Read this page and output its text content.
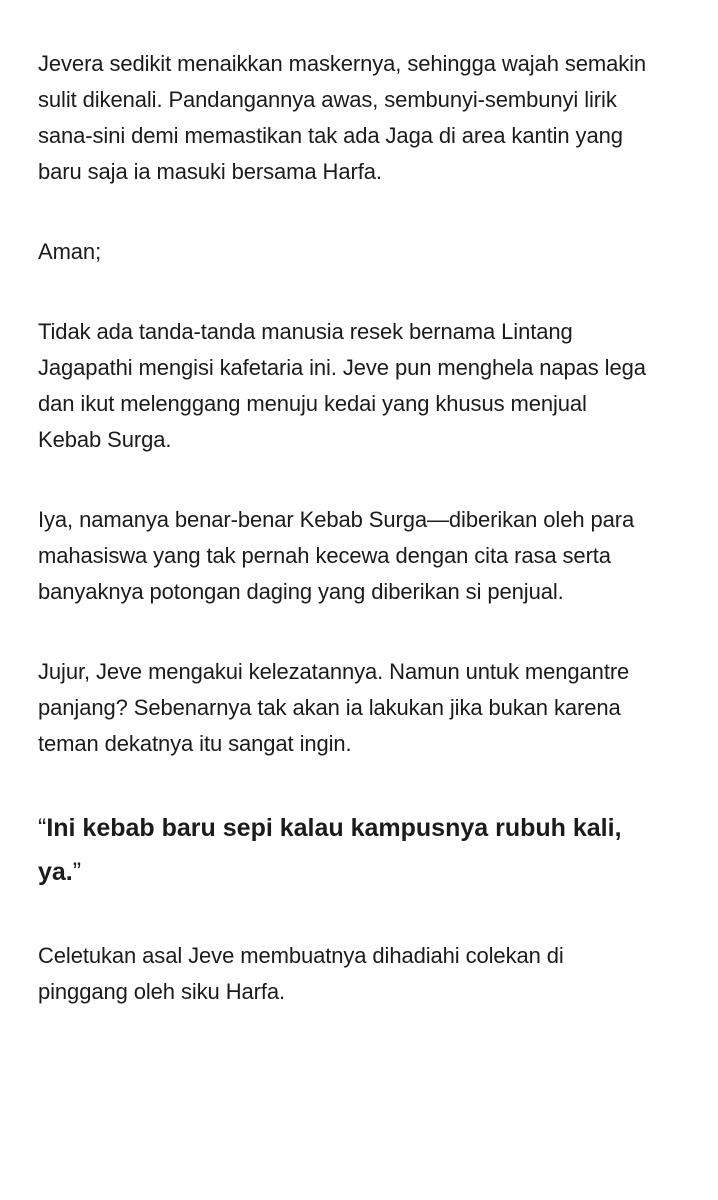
Jevera sedikit menaikkan maskernya, sehingga wajah semakin
sulit dikenali. Pandangannya awas, sembunyi-sembunyi lirik
sana-sini demi memastikan tak ada Jaga di area kantin yang
baru saja ia masuki bersama Harfa.

Aman;

Tidak ada tanda-tanda manusia resek bernama Lintang
Jagapathi mengisi kafetaria ini. Jeve pun menghela napas lega
dan ikut melenggang menuju kedai yang khusus menjual
Kebab Surga.

Iya, namanya benar-benar Kebab Surga—diberikan oleh para
mahasiswa yang tak pernah kecewa dengan cita rasa serta
banyaknya potongan daging yang diberikan si penjual.

Jujur, Jeve mengakui kelezatannya. Namun untuk mengantre
panjang? Sebenarnya tak akan ia lakukan jika bukan karena
teman dekatnya itu sangat ingin.

“Ini kebab baru sepi kalau kampusnya rubuh kali,
ya.”

Celetukan asal Jeve membuatnya dihadiahi colekan di
pinggang oleh siku Harfa.
